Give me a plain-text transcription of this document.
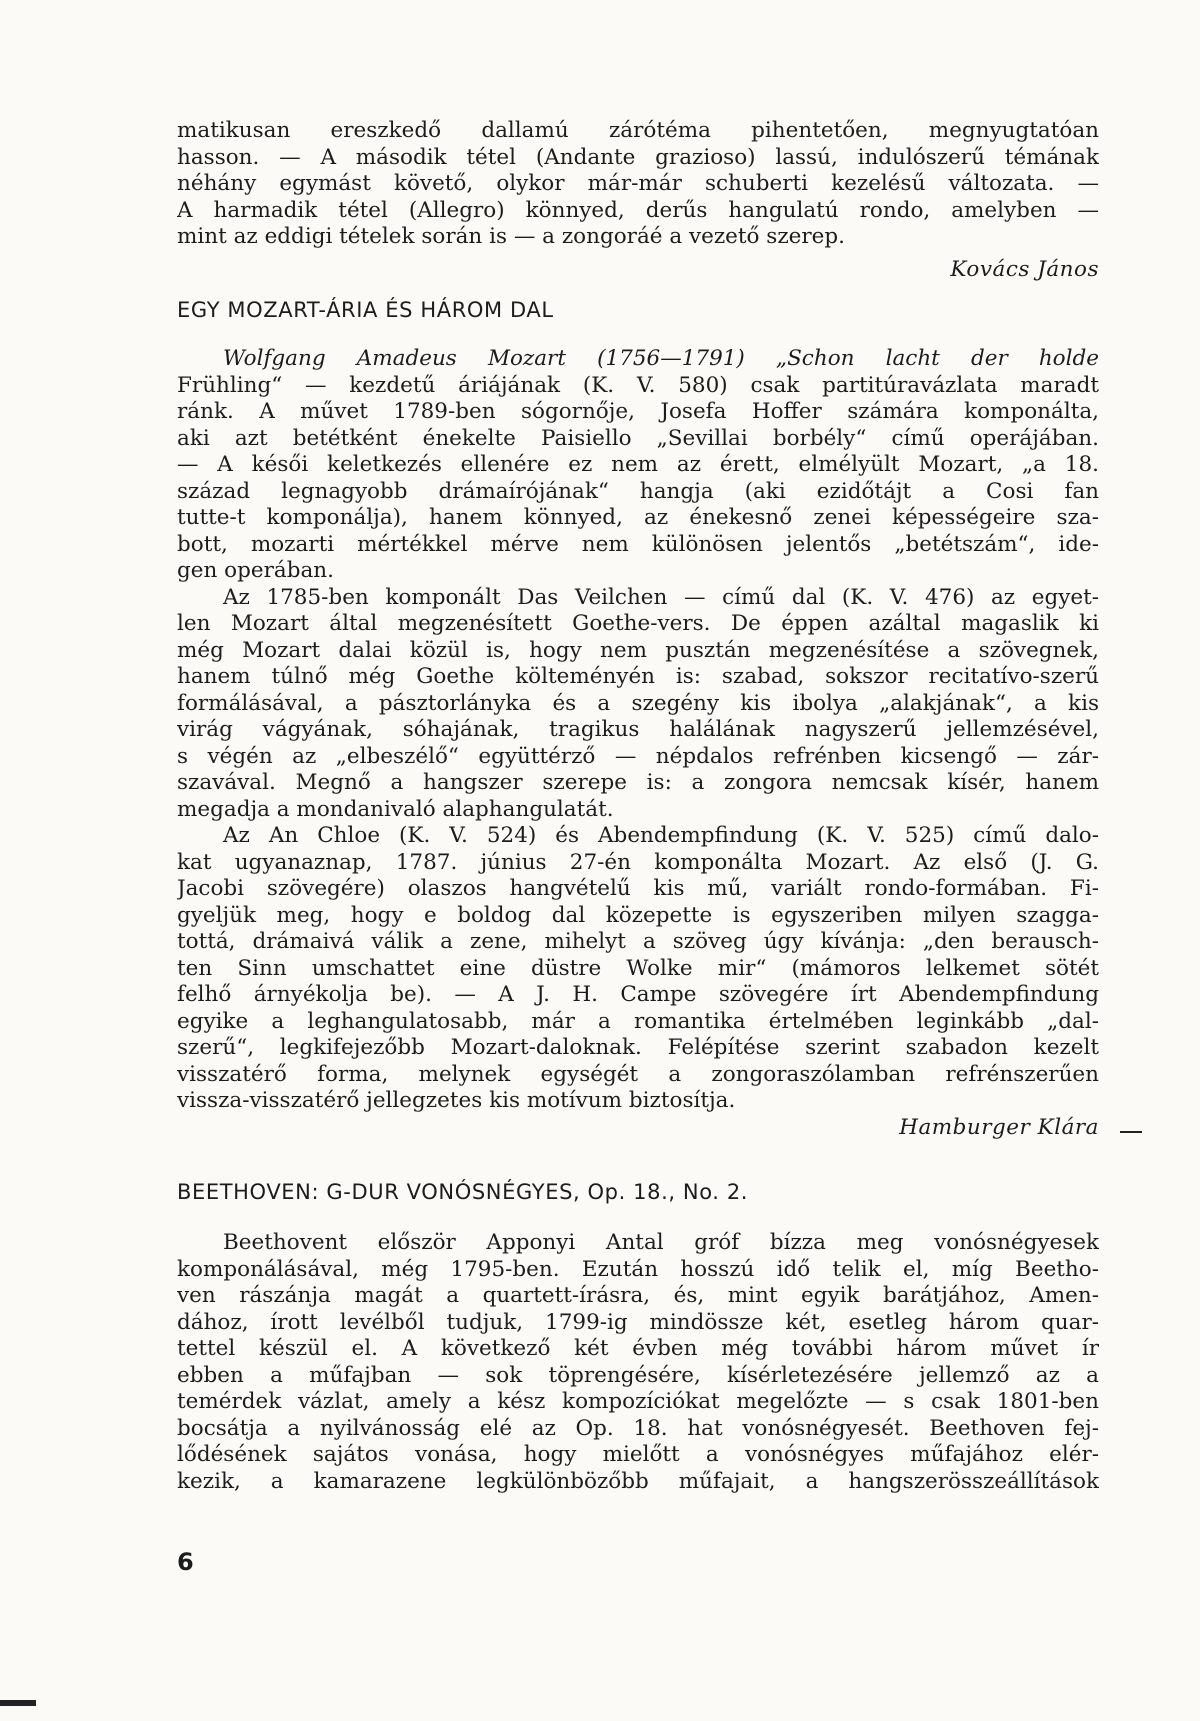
matikusan ereszkedő dallamú zárótéma pihentetően, megnyugtatóan
hasson. — A második tétel (Andante grazioso) lassú, indulószerű témának
néhány egymást követő, olykor már-már schuberti kezelésű változata. —
A harmadik tétel (Allegro) könnyed, derűs hangulatú rondo, amelyben —
mint az eddigi tételek során is — a zongoráé a vezető szerep.
Kovács János
EGY MOZART-ÁRIA ÉS HÁROM DAL
Wolfgang Amadeus Mozart (1756—1791) „Schon lacht der holde
Frühling“ — kezdetű áriájának (K. V. 580) csak partitúravázlata maradt
ránk. A művet 1789-ben sógornője, Josefa Hoffer számára komponálta,
aki azt betétként énekelte Paisiello „Sevillai borbély“ című operájában.
— A késői keletkezés ellenére ez nem az érett, elmélyült Mozart, „a 18.
század legnagyobb drámaírójának“ hangja (aki ezidőtájt a Cosi fan
tutte-t komponálja), hanem könnyed, az énekesnő zenei képességeire sza-
bott, mozarti mértékkel mérve nem különösen jelentős „betétszám“, ide-
gen operában.
Az 1785-ben komponált Das Veilchen — című dal (K. V. 476) az egyet-
len Mozart által megzenésített Goethe-vers. De éppen azáltal magaslik ki
még Mozart dalai közül is, hogy nem pusztán megzenésítése a szövegnek,
hanem túlnő még Goethe költeményén is: szabad, sokszor recitatívo-szerű
formálásával, a pásztorlányka és a szegény kis ibolya „alakjának“, a kis
virág vágyának, sóhajának, tragikus halálának nagyszerű jellemzésével,
s végén az „elbeszélő“ együttérző — népdalos refrénben kicsengő — zár-
szavával. Megnő a hangszer szerepe is: a zongora nemcsak kísér, hanem
megadja a mondanivaló alaphangulatát.
Az An Chloe (K. V. 524) és Abendempfindung (K. V. 525) című dalo-
kat ugyanaznap, 1787. június 27-én komponálta Mozart. Az első (J. G.
Jacobi szövegére) olaszos hangvételű kis mű, variált rondo-formában. Fi-
gyeljük meg, hogy e boldog dal közepette is egyszeriben milyen szagga-
tottá, drámaivá válik a zene, mihelyt a szöveg úgy kívánja: „den berausch-
ten Sinn umschattet eine düstre Wolke mir“ (mámoros lelkemet sötét
felhő árnyékolja be). — A J. H. Campe szövegére írt Abendempfindung
egyike a leghangulatosabb, már a romantika értelmében leginkább „dal-
szerű“, legkifejezőbb Mozart-daloknak. Felépítése szerint szabadon kezelt
visszatérő forma, melynek egységét a zongoraszólamban refrénszerűen
vissza-visszatérő jellegzetes kis motívum biztosítja.
Hamburger Klára
BEETHOVEN: G-DUR VONÓSNÉGYES, Op. 18., No. 2.
Beethovent először Apponyi Antal gróf bízza meg vonósnégyesek
komponálásával, még 1795-ben. Ezután hosszú idő telik el, míg Beetho-
ven rászánja magát a quartett-írásra, és, mint egyik barátjához, Amen-
dához, írott levélből tudjuk, 1799-ig mindössze két, esetleg három quar-
tettel készül el. A következő két évben még további három művet ír
ebben a műfajban — sok töprengésére, kísérletezésére jellemző az a
temérdek vázlat, amely a kész kompozíciókat megelőzte — s csak 1801-ben
bocsátja a nyilvánosság elé az Op. 18. hat vonósnégyesét. Beethoven fej-
lődésének sajátos vonása, hogy mielőtt a vonósnégyes műfajához elér-
kezik, a kamarazene legkülönbözőbb műfajait, a hangszerösszeállítások
6
